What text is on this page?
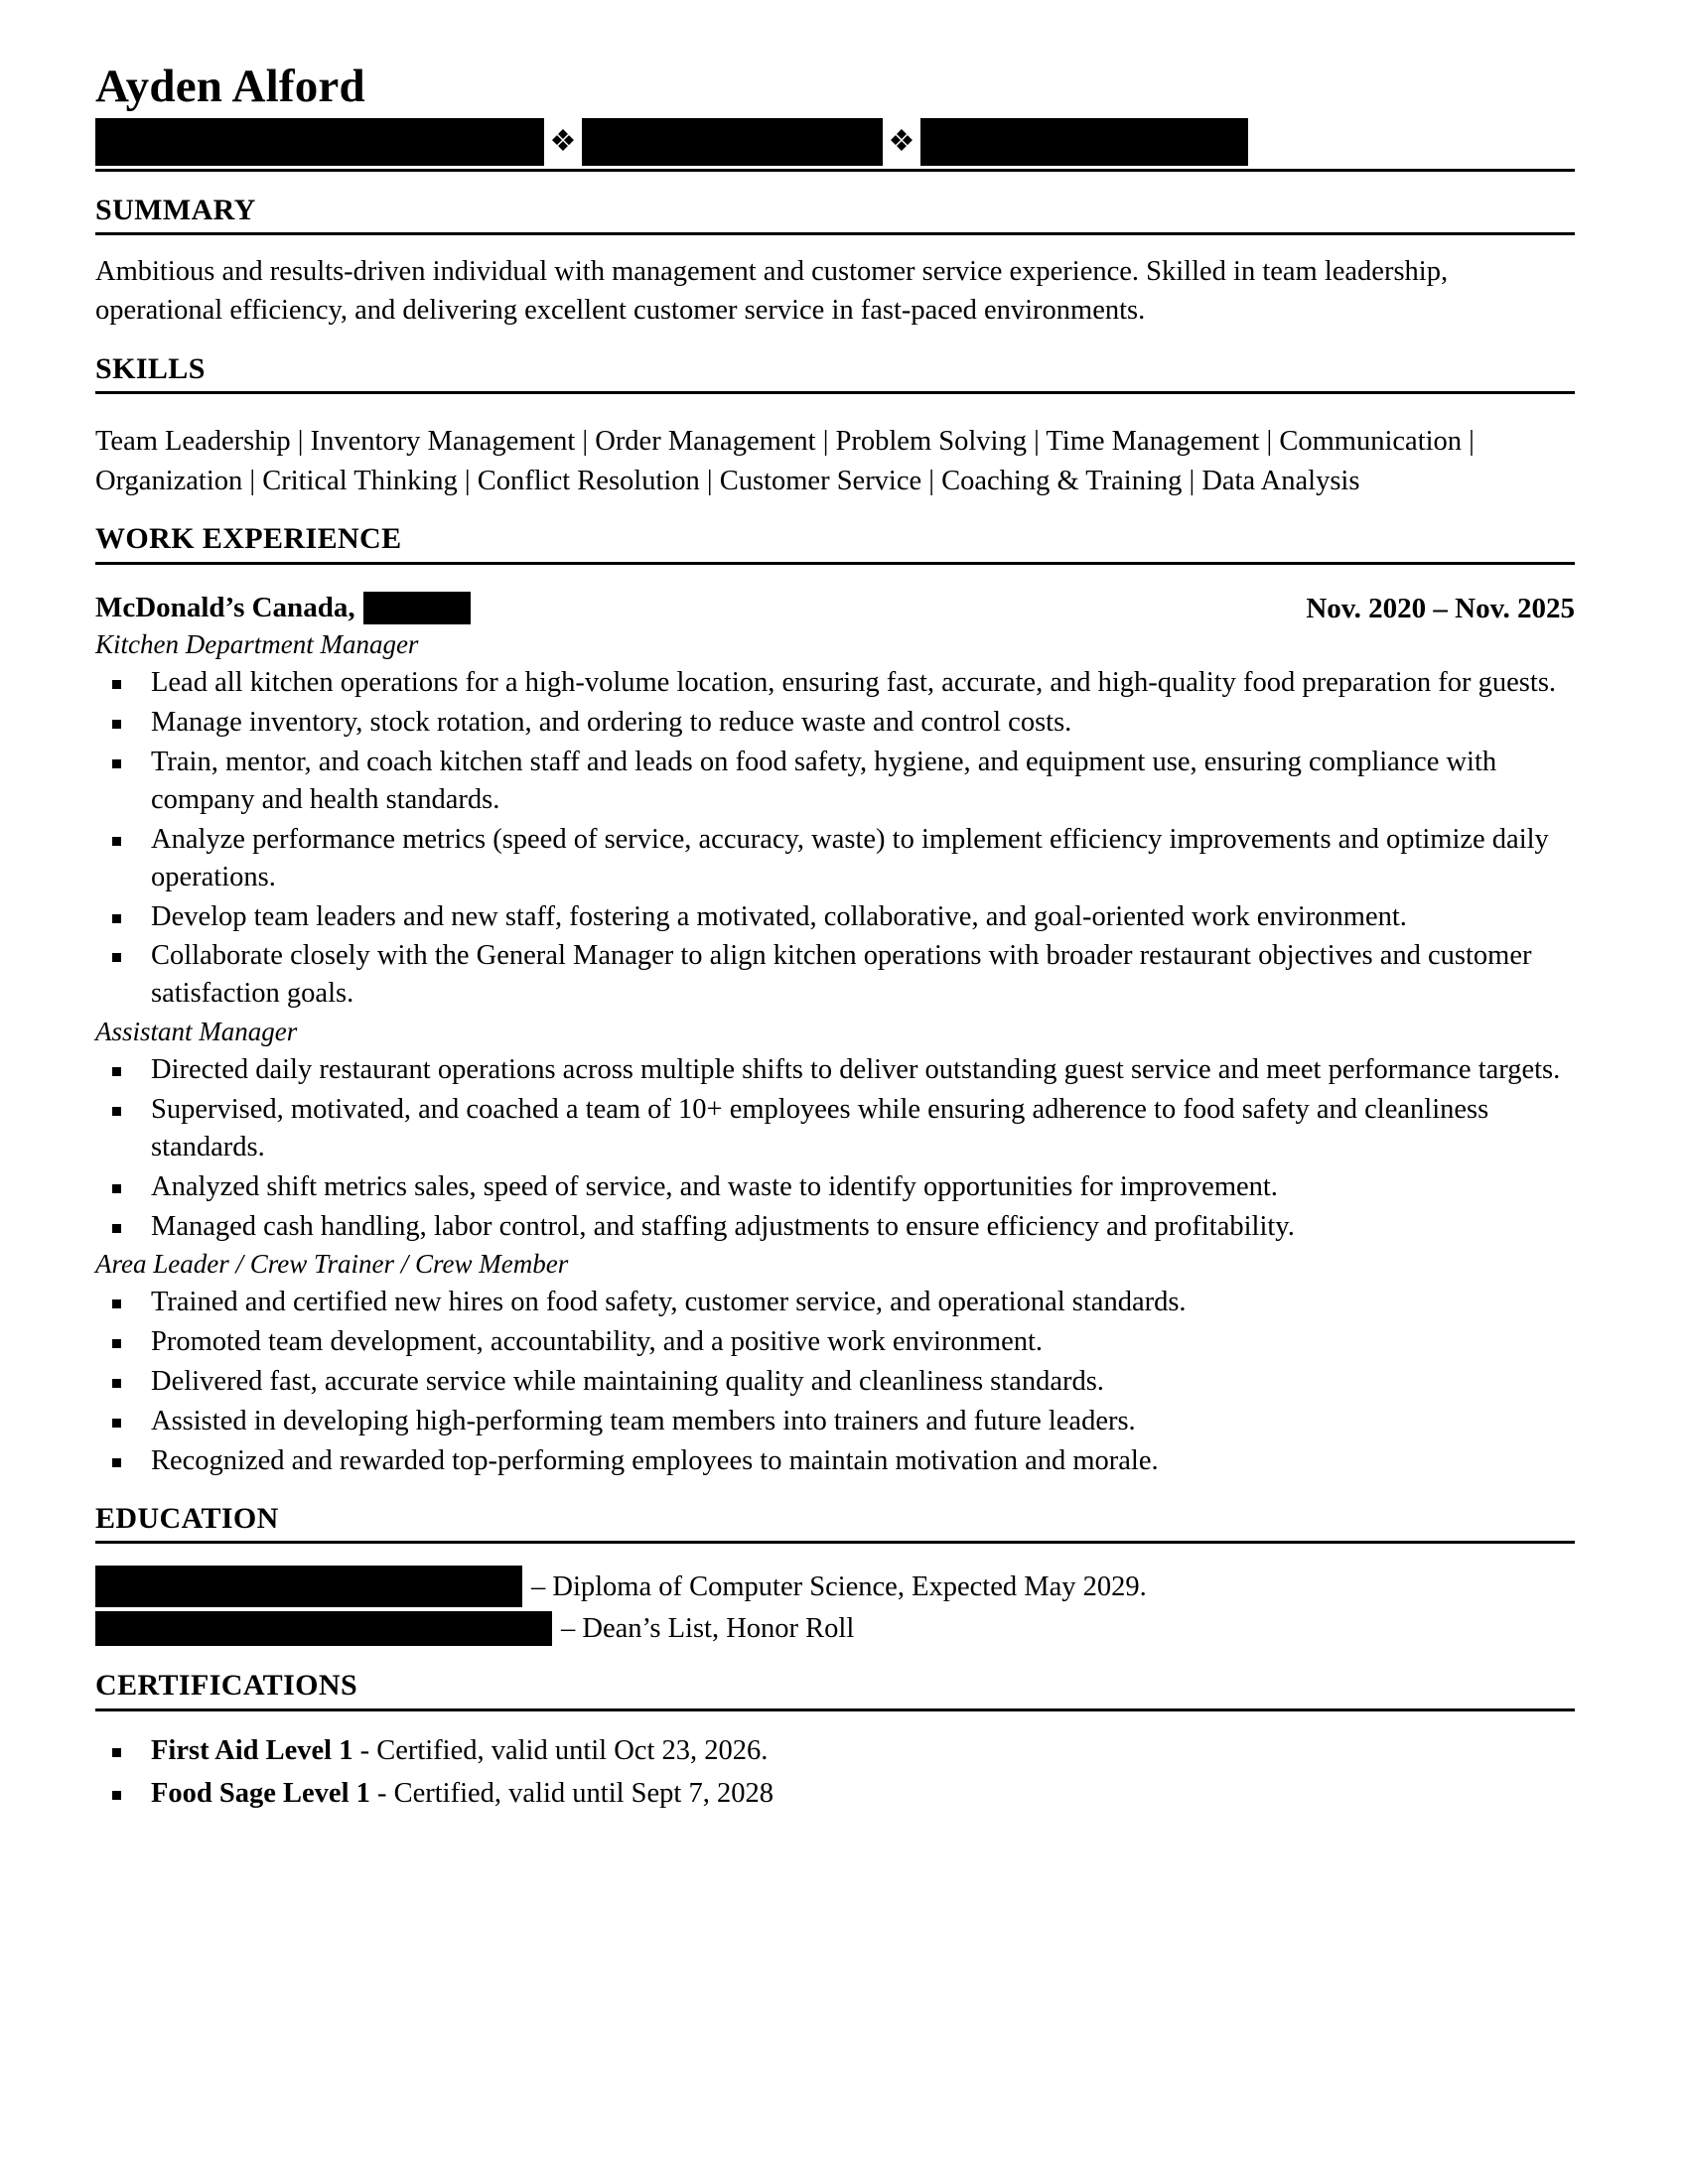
Ayden Alford
❖	❖
SUMMARY

Ambitious and results-driven individual with management and customer service experience. Skilled in team leadership, operational efficiency, and delivering excellent customer service in fast-paced environments.

SKILLS

Team Leadership | Inventory Management | Order Management | Problem Solving | Time Management | Communication | Organization | Critical Thinking | Conflict Resolution | Customer Service | Coaching & Training | Data Analysis

WORK EXPERIENCE
McDonald’s Canada,	Nov. 2020 – Nov. 2025
Kitchen Department Manager
Lead all kitchen operations for a high-volume location, ensuring fast, accurate, and high-quality food preparation for guests.
Manage inventory, stock rotation, and ordering to reduce waste and control costs.
Train, mentor, and coach kitchen staff and leads on food safety, hygiene, and equipment use, ensuring compliance with company and health standards.
Analyze performance metrics (speed of service, accuracy, waste) to implement efficiency improvements and optimize daily operations.
Develop team leaders and new staff, fostering a motivated, collaborative, and goal-oriented work environment.
Collaborate closely with the General Manager to align kitchen operations with broader restaurant objectives and customer satisfaction goals.
Assistant Manager
Directed daily restaurant operations across multiple shifts to deliver outstanding guest service and meet performance targets.
Supervised, motivated, and coached a team of 10+ employees while ensuring adherence to food safety and cleanliness standards.
Analyzed shift metrics sales, speed of service, and waste to identify opportunities for improvement.
Managed cash handling, labor control, and staffing adjustments to ensure efficiency and profitability.
Area Leader / Crew Trainer / Crew Member
Trained and certified new hires on food safety, customer service, and operational standards.
Promoted team development, accountability, and a positive work environment.
Delivered fast, accurate service while maintaining quality and cleanliness standards.
Assisted in developing high-performing team members into trainers and future leaders.
Recognized and rewarded top-performing employees to maintain motivation and morale.
EDUCATION
– Diploma of Computer Science, Expected May 2029.
– Dean’s List, Honor Roll
CERTIFICATIONS
First Aid Level 1 - Certified, valid until Oct 23, 2026.
Food Sage Level 1 - Certified, valid until Sept 7, 2028
